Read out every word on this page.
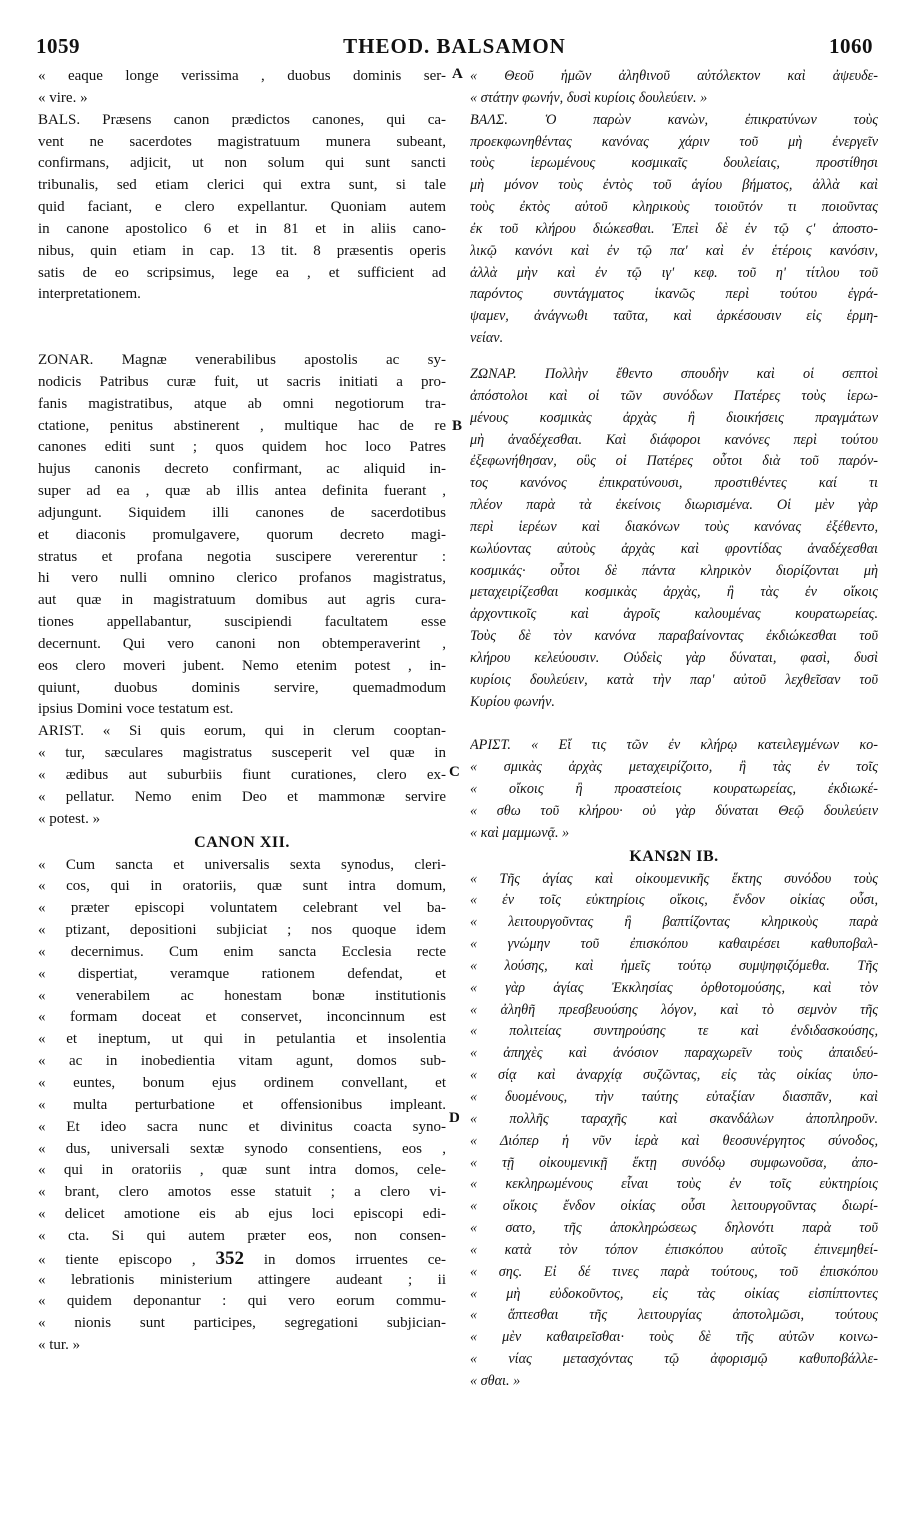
1059	THEOD. BALSAMON	1060
A
B
C
D
« eaque longe verissima , duobus dominis ser-
« vire. »
BALS. Præsens canon prædictos canones, qui ca-
vent ne sacerdotes magistratuum munera subeant,
confirmans, adjicit, ut non solum qui sunt sancti
tribunalis, sed etiam clerici qui extra sunt, si tale
quid faciant, e clero expellantur. Quoniam autem
in canone apostolico 6 et in 81 et in aliis cano-
nibus, quin etiam in cap. 13 tit. 8 præsentis operis
satis de eo scripsimus, lege ea , et sufficient ad
interpretationem.
ZONAR. Magnæ venerabilibus apostolis ac sy-
nodicis Patribus curæ fuit, ut sacris initiati a pro-
fanis magistratibus, atque ab omni negotiorum tra-
ctatione, penitus abstinerent , multique hac de re
canones editi sunt ; quos quidem hoc loco Patres
hujus canonis decreto confirmant, ac aliquid in-
super ad ea , quæ ab illis antea definita fuerant ,
adjungunt. Siquidem illi canones de sacerdotibus
et diaconis promulgavere, quorum decreto magi-
stratus et profana negotia suscipere vererentur :
hi vero nulli omnino clerico profanos magistratus,
aut quæ in magistratuum domibus aut agris cura-
tiones appellabantur, suscipiendi facultatem esse
decernunt. Qui vero canoni non obtemperaverint ,
eos clero moveri jubent. Nemo etenim potest , in-
quiunt, duobus dominis servire, quemadmodum
ipsius Domini voce testatum est.
ARIST. « Si quis eorum, qui in clerum cooptan-
« tur, sæculares magistratus susceperit vel quæ in
« ædibus aut suburbiis fiunt curationes, clero ex-
« pellatur. Nemo enim Deo et mammonæ servire
« potest. »
CANON XII.
« Cum sancta et universalis sexta synodus, cleri-
« cos, qui in oratoriis, quæ sunt intra domum,
« præter episcopi voluntatem celebrant vel ba-
« ptizant, depositioni subjiciat ; nos quoque idem
« decernimus. Cum enim sancta Ecclesia recte
« dispertiat, veramque rationem defendat, et
« venerabilem ac honestam bonæ institutionis
« formam doceat et conservet, inconcinnum est
« et ineptum, ut qui in petulantia et insolentia
« ac in inobedientia vitam agunt, domos sub-
« euntes, bonum ejus ordinem convellant, et
« multa perturbatione et offensionibus impleant.
« Et ideo sacra nunc et divinitus coacta syno-
« dus, universali sextæ synodo consentiens, eos ,
« qui in oratoriis , quæ sunt intra domos, cele-
« brant, clero amotos esse statuit ; a clero vi-
« delicet amotione eis ab ejus loci episcopi edi-
« cta. Si qui autem præter eos, non consen-
« tiente episcopo , 352 in domos irruentes ce-
« lebrationis ministerium attingere audeant ; ii
« quidem deponantur : qui vero eorum commu-
« nionis sunt participes, segregationi subjician-
« tur. »
« Θεοῦ ἡμῶν ἀληθινοῦ αὐτόλεκτον καὶ ἀψευδε-
« στάτην φωνήν, δυσὶ κυρίοις δουλεύειν. »
ΒΑΛΣ. Ὁ παρὼν κανὼν, ἐπικρατύνων τοὺς
προεκφωνηθέντας κανόνας χάριν τοῦ μὴ ἐνεργεῖν
τοὺς ἱερωμένους κοσμικαῖς δουλείαις, προστίθησι
μὴ μόνον τοὺς ἐντὸς τοῦ ἁγίου βήματος, ἀλλὰ καὶ
τοὺς ἐκτὸς αὐτοῦ κληρικοὺς τοιοῦτόν τι ποιοῦντας
ἐκ τοῦ κλήρου διώκεσθαι. Ἐπεὶ δὲ ἐν τῷ ϛ' ἀποστο-
λικῷ κανόνι καὶ ἐν τῷ πα' καὶ ἐν ἑτέροις κανόσιν,
ἀλλὰ μὴν καὶ ἐν τῷ ιγ' κεφ. τοῦ η' τίτλου τοῦ
παρόντος συντάγματος ἱκανῶς περὶ τούτου ἐγρά-
ψαμεν, ἀνάγνωθι ταῦτα, καὶ ἀρκέσουσιν εἰς ἑρμη-
νείαν.
ΖΩΝΑΡ. Πολλὴν ἔθεντο σπουδὴν καὶ οἱ σεπτοὶ
ἀπόστολοι καὶ οἱ τῶν συνόδων Πατέρες τοὺς ἱερω-
μένους κοσμικὰς ἀρχὰς ἢ διοικήσεις πραγμάτων
μὴ ἀναδέχεσθαι. Καὶ διάφοροι κανόνες περὶ τούτου
ἐξεφωνήθησαν, οὓς οἱ Πατέρες οὗτοι διὰ τοῦ παρόν-
τος κανόνος ἐπικρατύνουσι, προστιθέντες καί τι
πλέον παρὰ τὰ ἐκείνοις διωρισμένα. Οἱ μὲν γὰρ
περὶ ἱερέων καὶ διακόνων τοὺς κανόνας ἐξέθεντο,
κωλύοντας αὐτοὺς ἀρχὰς καὶ φροντίδας ἀναδέχεσθαι
κοσμικάς· οὗτοι δὲ πάντα κληρικὸν διορίζονται μὴ
μεταχειρίζεσθαι κοσμικὰς ἀρχὰς, ἢ τὰς ἐν οἴκοις
ἀρχοντικοῖς καὶ ἀγροῖς καλουμένας κουρατωρείας.
Τοὺς δὲ τὸν κανόνα παραβαίνοντας ἐκδιώκεσθαι τοῦ
κλήρου κελεύουσιν. Οὐδεὶς γὰρ δύναται, φασὶ, δυσὶ
κυρίοις δουλεύειν, κατὰ τὴν παρ' αὐτοῦ λεχθεῖσαν τοῦ
Κυρίου φωνήν.
ΑΡΙΣΤ. « Εἴ τις τῶν ἐν κλήρῳ κατειλεγμένων κο-
« σμικὰς ἀρχὰς μεταχειρίζοιτο, ἢ τὰς ἐν τοῖς
« οἴκοις ἢ προαστείοις κουρατωρείας, ἐκδιωκέ-
« σθω τοῦ κλήρου· οὐ γὰρ δύναται Θεῷ δουλεύειν
« καὶ μαμμωνᾷ. »
ΚΑΝΩΝ ΙΒ.
« Τῆς ἁγίας καὶ οἰκουμενικῆς ἕκτης συνόδου τοὺς
« ἐν τοῖς εὐκτηρίοις οἴκοις, ἔνδον οἰκίας οὖσι,
« λειτουργοῦντας ἢ βαπτίζοντας κληρικοὺς παρὰ
« γνώμην τοῦ ἐπισκόπου καθαιρέσει καθυποβαλ-
« λούσης, καὶ ἡμεῖς τούτῳ συμψηφιζόμεθα. Τῆς
« γὰρ ἁγίας Ἐκκλησίας ὀρθοτομούσης, καὶ τὸν
« ἀληθῆ πρεσβευούσης λόγον, καὶ τὸ σεμνὸν τῆς
« πολιτείας συντηρούσης τε καὶ ἐνδιδασκούσης,
« ἀπηχὲς καὶ ἀνόσιον παραχωρεῖν τοὺς ἀπαιδεύ-
« σίᾳ καὶ ἀναρχίᾳ συζῶντας, εἰς τὰς οἰκίας ὑπο-
« δυομένους, τὴν ταύτης εὐταξίαν διασπᾶν, καὶ
« πολλῆς ταραχῆς καὶ σκανδάλων ἀποπληροῦν.
« Διόπερ ἡ νῦν ἱερὰ καὶ θεοσυνέργητος σύνοδος,
« τῇ οἰκουμενικῇ ἕκτῃ συνόδῳ συμφωνοῦσα, ἀπο-
« κεκληρωμένους εἶναι τοὺς ἐν τοῖς εὐκτηρίοις
« οἴκοις ἔνδον οἰκίας οὖσι λειτουργοῦντας διωρί-
« σατο, τῆς ἀποκληρώσεως δηλονότι παρὰ τοῦ
« κατὰ τὸν τόπον ἐπισκόπου αὐτοῖς ἐπινεμηθεί-
« σης. Εἰ δέ τινες παρὰ τούτους, τοῦ ἐπισκόπου
« μὴ εὐδοκοῦντος, εἰς τὰς οἰκίας εἰσπίπτοντες
« ἅπτεσθαι τῆς λειτουργίας ἀποτολμῶσι, τούτους
« μὲν καθαιρεῖσθαι· τοὺς δὲ τῆς αὐτῶν κοινω-
« νίας μετασχόντας τῷ ἀφορισμῷ καθυποβάλλε-
« σθαι. »
